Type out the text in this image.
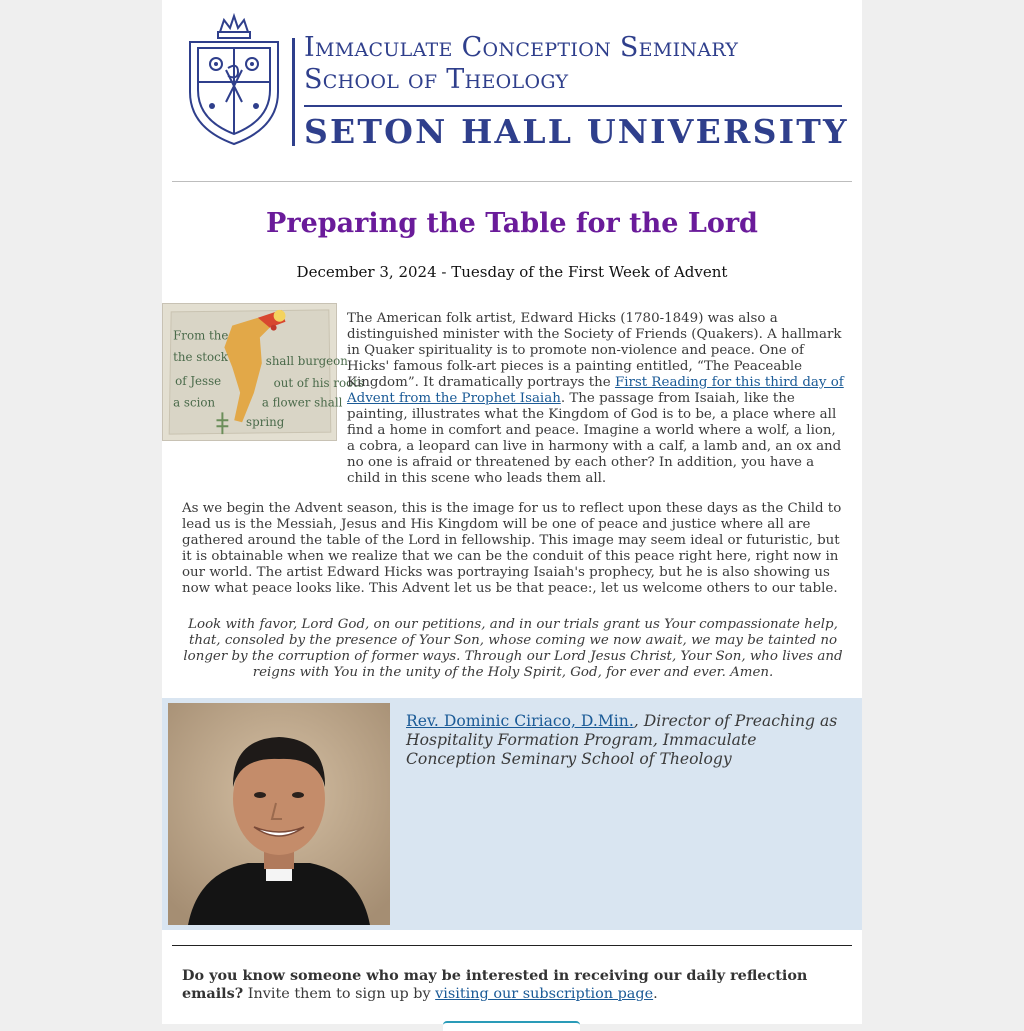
Immaculate Conception Seminary
School of Theology
SETON HALL UNIVERSITY
Preparing the Table for the Lord
December 3, 2024 - Tuesday of the First Week of Advent
From the
the stock
of Jesse
a scion
shall burgeon
out of his roots
a flower shall
spring

The American folk artist, Edward Hicks (1780-1849) was also a distinguished minister with the Society of Friends (Quakers). A hallmark in Quaker spirituality is to promote non-violence and peace. One of Hicks' famous folk-art pieces is a painting entitled, “The Peaceable Kingdom”. It dramatically portrays the First Reading for this third day of Advent from the Prophet Isaiah. The passage from Isaiah, like the painting, illustrates what the Kingdom of God is to be, a place where all find a home in comfort and peace. Imagine a world where a wolf, a lion, a cobra, a leopard can live in harmony with a calf, a lamb and, an ox and no one is afraid or threatened by each other? In addition, you have a child in this scene who leads them all.

As we begin the Advent season, this is the image for us to reflect upon these days as the Child to lead us is the Messiah, Jesus and His Kingdom will be one of peace and justice where all are gathered around the table of the Lord in fellowship. This image may seem ideal or futuristic, but it is obtainable when we realize that we can be the conduit of this peace right here, right now in our world. The artist Edward Hicks was portraying Isaiah's prophecy, but he is also showing us now what peace looks like. This Advent let us be that peace:, let us welcome others to our table.

Look with favor, Lord God, on our petitions, and in our trials grant us Your compassionate help, that, consoled by the presence of Your Son, whose coming we now await, we may be tainted no longer by the corruption of former ways. Through our Lord Jesus Christ, Your Son, who lives and reigns with You in the unity of the Holy Spirit, God, for ever and ever. Amen.

Rev. Dominic Ciriaco, D.Min., Director of Preaching as Hospitality Formation Program, Immaculate Conception Seminary School of Theology

Do you know someone who may be interested in receiving our daily reflection emails? Invite them to sign up by visiting our subscription page.
